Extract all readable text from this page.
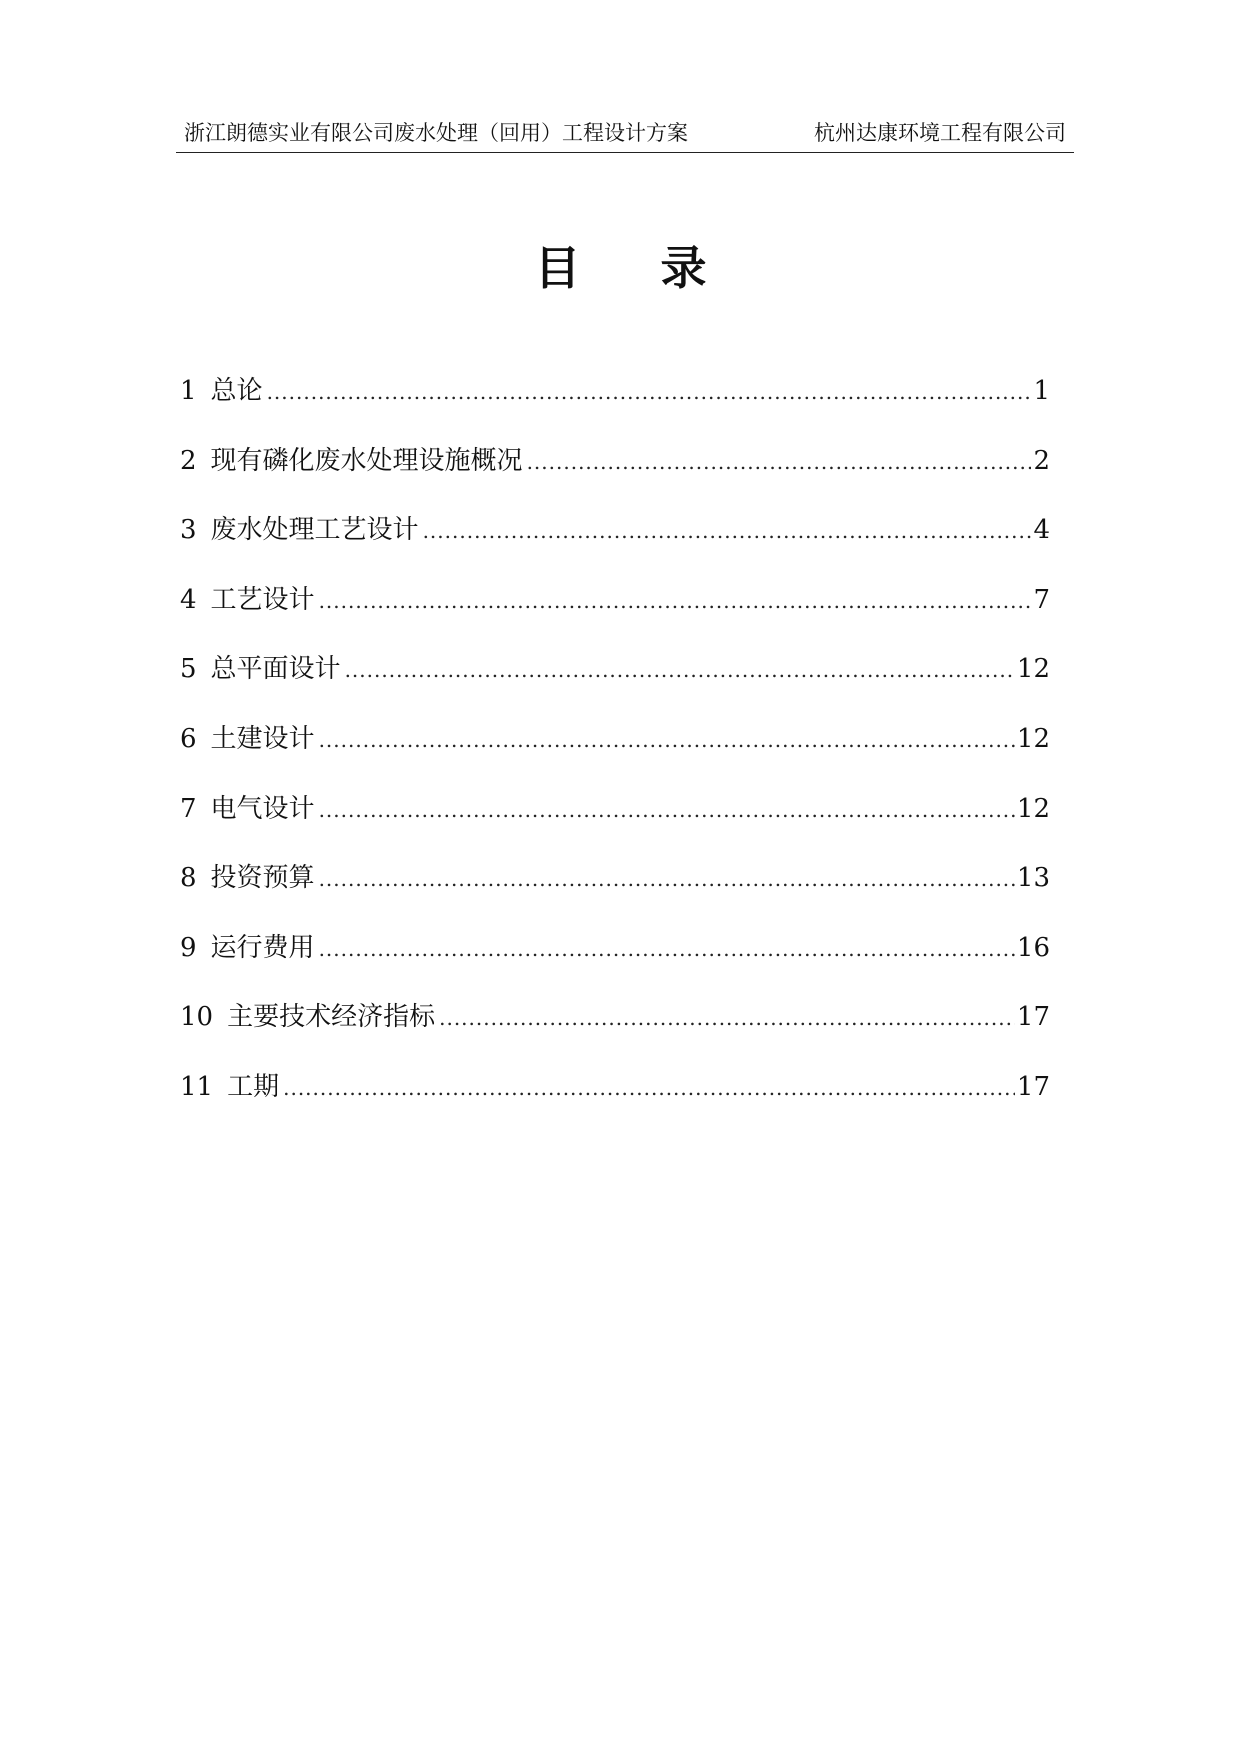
浙江朗德实业有限公司废水处理（回用）工程设计方案	杭州达康环境工程有限公司
目录
1 总论 .....	1
2 现有磷化废水处理设施概况 .....	2
3 废水处理工艺设计 .....	4
4 工艺设计 .....	7
5 总平面设计 .....	12
6 土建设计 .....	12
7 电气设计 .....	12
8 投资预算 .....	13
9 运行费用 .....	16
10 主要技术经济指标 .....	17
11 工期 .....	17
